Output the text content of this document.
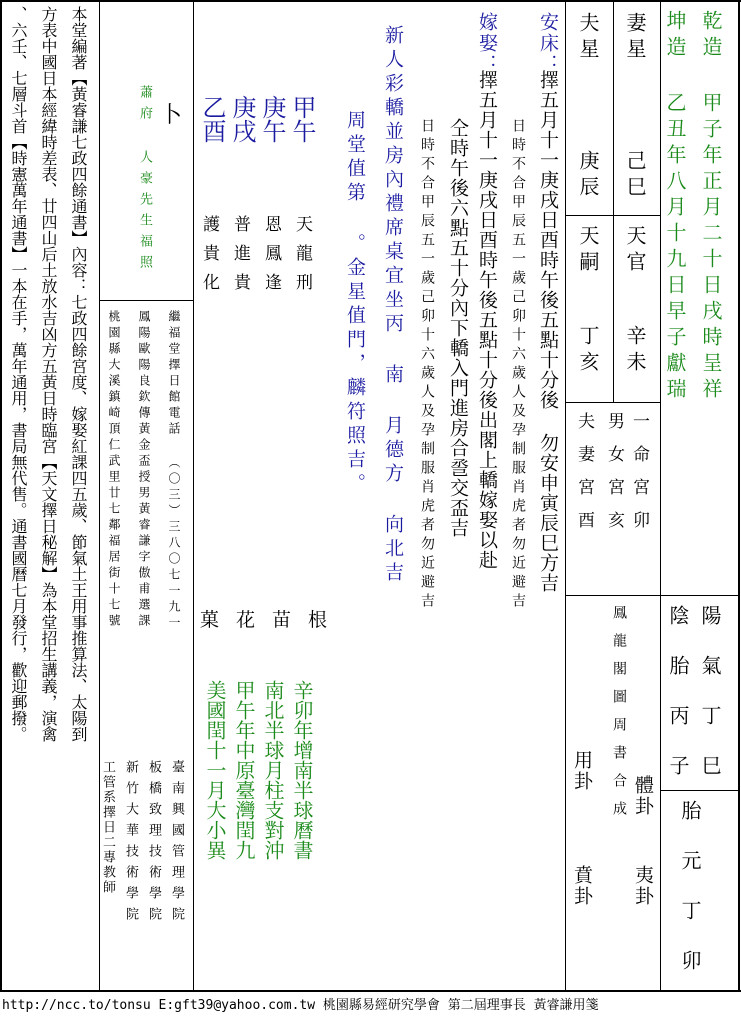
乾造 甲子年正月二十日戌時呈祥
坤造 乙丑年八月十九日早子獻瑞
妻星

己巳
夫星
庚辰
天官
辛未
天嗣
丁亥
一命宮卯
男女宮亥
夫妻宮酉
陽氣丁巳
陰胎丙子
胎元丁卯
鳳龍閣圖周書合成 體卦
用卦
夷卦
賁卦
安床：
擇五月十一庚戌日酉時午後五點十分後 勿安申寅辰巳方吉
日時不合甲辰五一歲己卯十六歲人及孕制服肖虎者勿近避吉
嫁娶：
擇五月十一庚戌日酉時午後五點十分後出閣上轎嫁娶以赴
仝時午後六點五十分內下轎入門進房合巹交盃吉
日時不合甲辰五一歲己卯十六歲人及孕制服肖虎者勿近避吉
新人彩轎並房內禮席桌宜坐丙 南 月德方 向北吉
周堂值第 。金星值門，麟符照吉。
辛卯年增南半球曆書
南北半球月柱支對沖
甲午年中原臺灣閏九
美國閏十一月大小異
根苗花菓
甲午
庚午
庚戌
乙酉
天龍刑
恩鳳逢
普進貴
護貴化
蕭府 人豪先生福照 卜
繼福堂擇日館電話 （〇三）三八〇七一九一
鳳陽歐陽良欽傳黃金盃授男黃睿謙字傲甫選課
桃園縣大溪鎮崎頂仁武里廿七鄰福居街十七號
臺南興國管理學院
板橋致理技術學院
新竹大華技術學院
工管系擇日二專教師
本堂編著【黃睿謙七政四餘通書】內容：七政四餘宮度、嫁娶紅課四五歲、節氣土王用事推算法、太陽到
方表中國日本經緯時差表、廿四山后土放水吉凶方五黃日時臨宮【天文擇日秘解】為本堂招生講義，演禽
、六壬、七層斗首【時憲萬年通書】一本在手，萬年通用，書局無代售。通書國曆七月發行，歡迎郵撥。
http://ncc.to/tonsu E:gft39@yahoo.com.tw 桃園縣易經研究學會 第二屆理事長 黃睿謙用箋
